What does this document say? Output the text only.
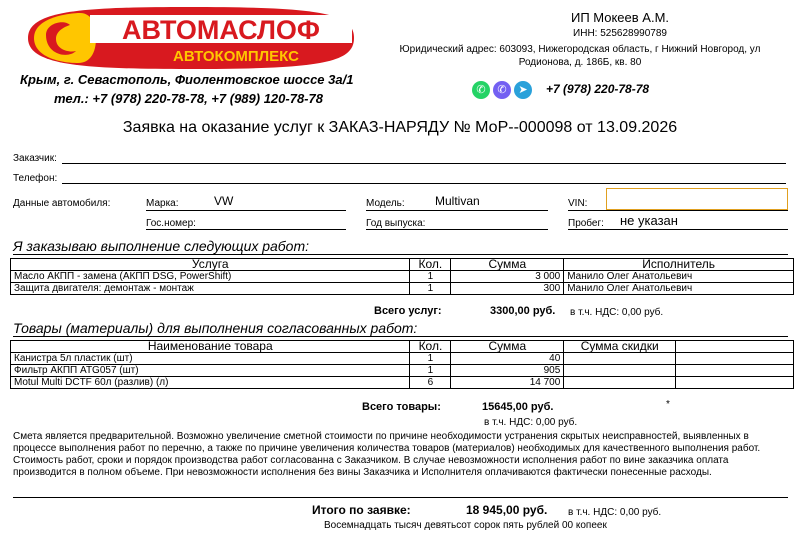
АВТОМАСЛОФ
АВТОКОМПЛЕКС
Крым, г. Севастополь, Фиолентовское шоссе 3а/1
тел.: +7 (978) 220-78-78, +7 (989) 120-78-78
ИП Мокеев А.М.
ИНН: 525628990789
Юридический адрес: 603093, Нижегородская область, г Нижний Новгород, ул
Родионова, д. 186Б, кв. 80
✆ ✆ ➤	+7 (978) 220-78-78
Заявка на оказание услуг к ЗАКАЗ-НАРЯДУ № МоР--000098 от 13.09.2026
Заказчик:
Телефон:
Данные автомобиля:	Марка:	VW	Модель:	Multivan	VIN:
Гос.номер:	Год выпуска:	Пробег: не указан
Я заказываю выполнение следующих работ:
Услуга	Кол.	Сумма	Исполнитель
Масло АКПП - замена (АКПП DSG, PowerShift)	1	3 000	Манило Олег Анатольевич
Защита двигателя: демонтаж - монтаж	1	300	Манило Олег Анатольевич
Всего услуг:	3300,00 руб. в т.ч. НДС: 0,00 руб.
Товары (материалы) для выполнения согласованных работ:
Наименование товара	Кол.	Сумма	Сумма скидки	
Канистра 5л пластик (шт)	1	40		
Фильтр АКПП ATG057 (шт)	1	905		
Motul Multi DCTF 60л (разлив) (л)	6	14 700		
Всего товары:	15645,00 руб.	*
в т.ч. НДС: 0,00 руб.
Смета является предварительной. Возможно увеличение сметной стоимости по причине необходимости устранения скрытых неисправностей, выявленных в процессе выполнения работ по перечню, а также по причине увеличения количества товаров (материалов) необходимых для качественного выполнения работ.
Стоимость работ, сроки и порядок производства работ согласованна с Заказчиком. В случае невозможности исполнения работ по вине заказчика оплата производится в полном объеме. При невозможности исполнения без вины Заказчика и Исполнителя оплачиваются фактически понесенные расходы.
Итого по заявке:	18 945,00 руб. в т.ч. НДС: 0,00 руб.
Восемнадцать тысяч девятьсот сорок пять рублей 00 копеек
